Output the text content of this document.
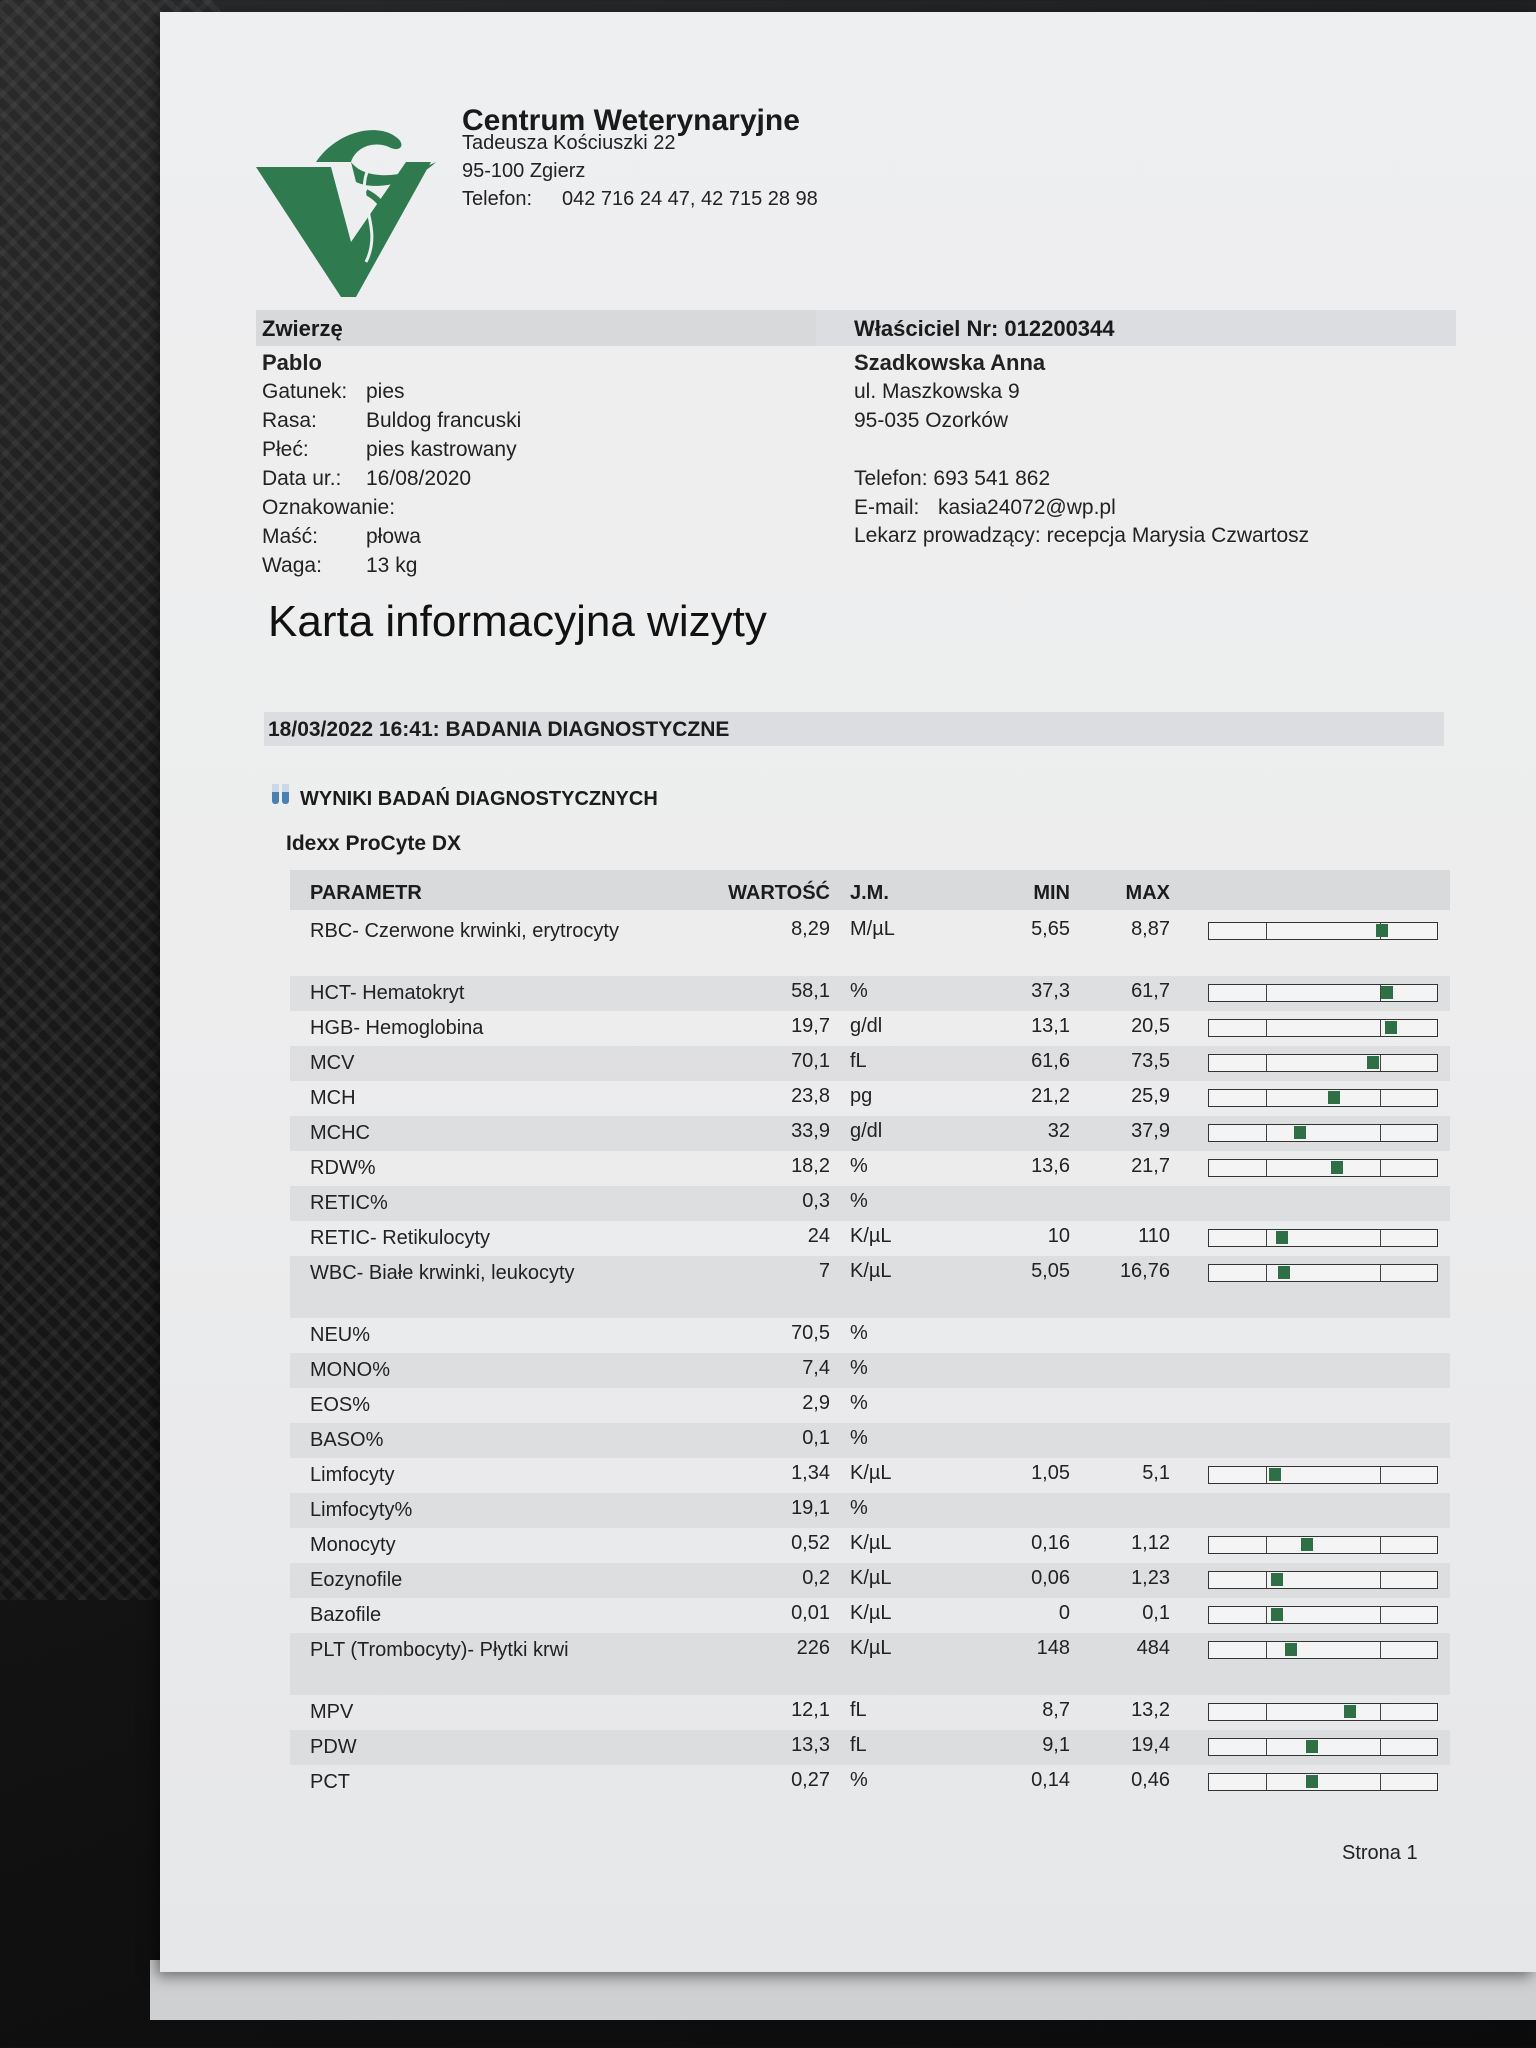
Centrum Weterynaryjne
Tadeusza Kościuszki 22
95-100 Zgierz
Telefon: 042 716 24 47, 42 715 28 98
Zwierzę	Właściciel Nr: 012200344
Pablo
Gatunek: pies
Rasa: Buldog francuski
Płeć:	pies kastrowany
Data ur.: 16/08/2020
Oznakowanie:
Maść: płowa
Waga: 13 kg
Szadkowska Anna
ul. Maszkowska 9
95-035 Ozorków
Telefon: 693 541 862
E-mail: kasia24072@wp.pl
Lekarz prowadzący: recepcja Marysia Czwartosz
Karta informacyjna wizyty
18/03/2022 16:41: BADANIA DIAGNOSTYCZNE
WYNIKI BADAŃ DIAGNOSTYCZNYCH
Idexx ProCyte DX
PARAMETR	WARTOŚĆ J.M.	MIN	MAX
RBC- Czerwone krwinki, erytrocyty	8,29 M/µL	5,65	8,87
HCT- Hematokryt	58,1 %	37,3	61,7
HGB- Hemoglobina	19,7 g/dl	13,1	20,5
MCV	70,1 fL	61,6	73,5
MCH	23,8 pg	21,2	25,9
MCHC	33,9 g/dl	32	37,9
RDW%	18,2 %	13,6	21,7
RETIC%	0,3 %
RETIC- Retikulocyty	24 K/µL	10	110
WBC- Białe krwinki, leukocyty	7 K/µL	5,05	16,76
NEU%	70,5 %
MONO%	7,4 %
EOS%	2,9 %
BASO%	0,1 %
Limfocyty	1,34 K/µL	1,05	5,1
Limfocyty%	19,1 %
Monocyty	0,52 K/µL	0,16	1,12
Eozynofile	0,2 K/µL	0,06	1,23
Bazofile	0,01 K/µL	0	0,1
PLT (Trombocyty)- Płytki krwi	226 K/µL	148	484
MPV	12,1 fL	8,7	13,2
PDW	13,3 fL	9,1	19,4
PCT	0,27 %	0,14	0,46
Strona 1
